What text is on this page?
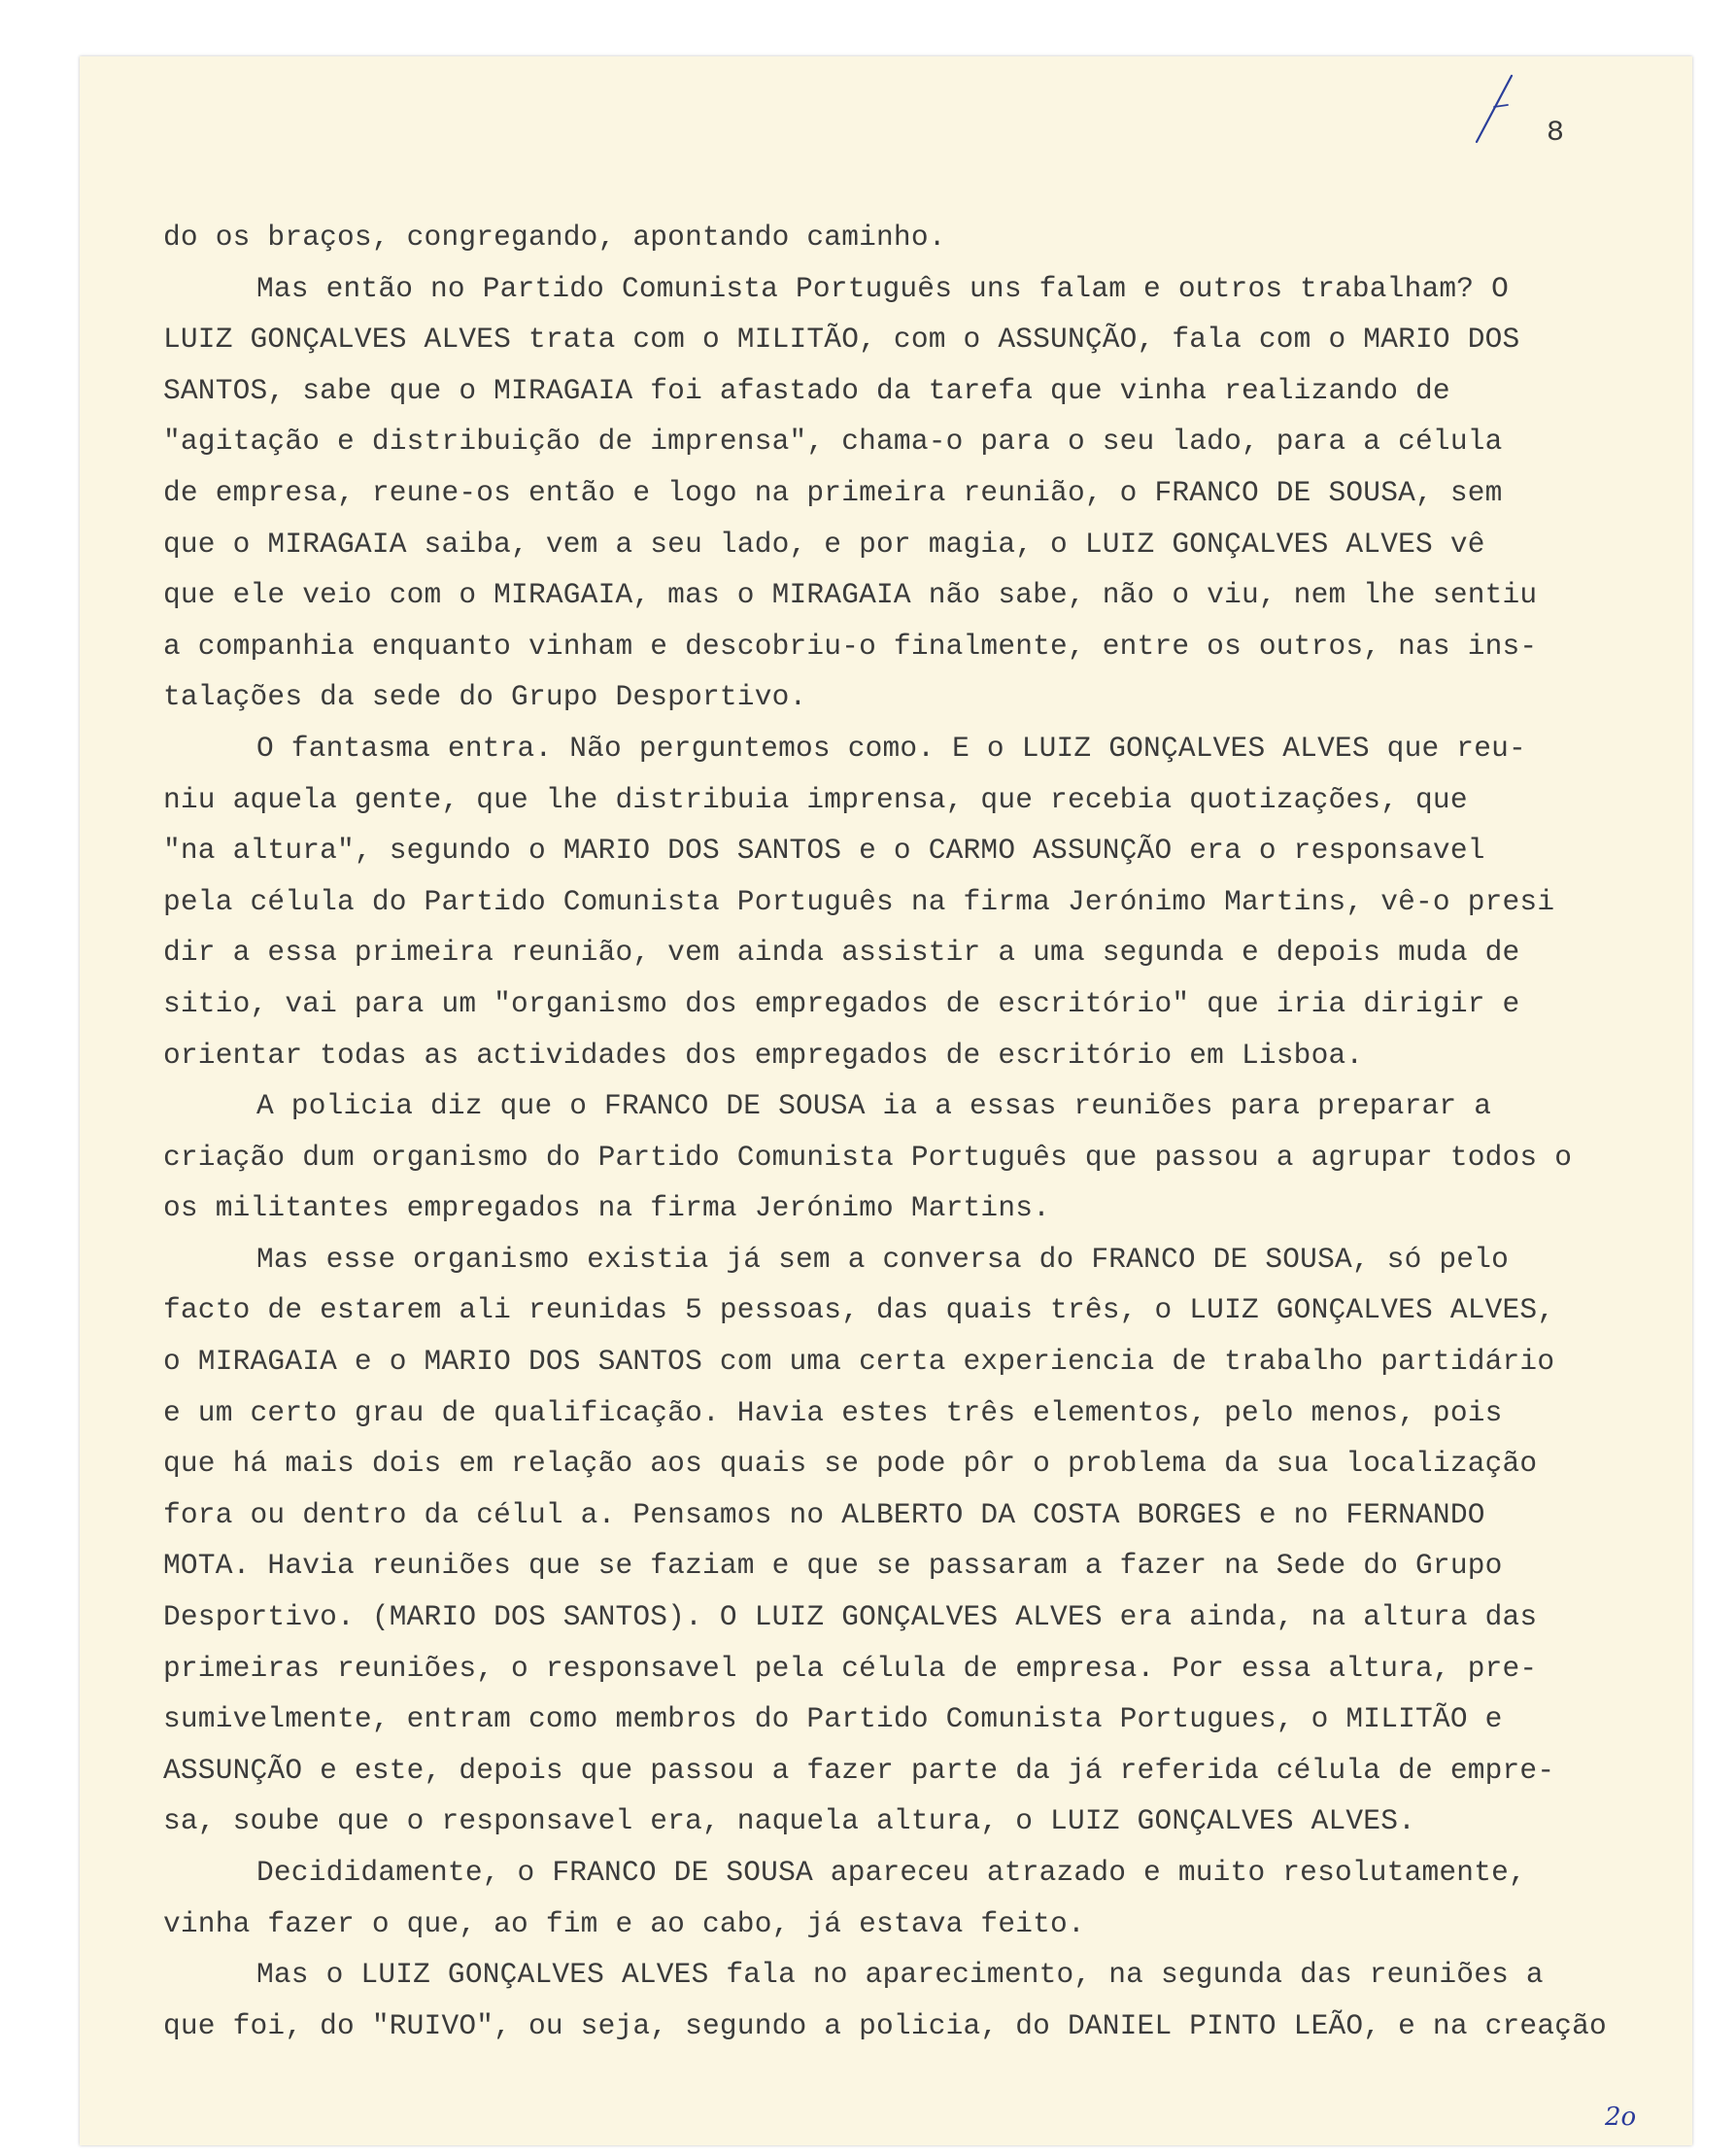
8
do os braços, congregando, apontando caminho.
Mas então no Partido Comunista Português uns falam e outros trabalham? O
LUIZ GONÇALVES ALVES trata com o MILITÃO, com o ASSUNÇÃO, fala com o MARIO DOS
SANTOS, sabe que o MIRAGAIA foi afastado da tarefa que vinha realizando de
"agitação e distribuição de imprensa", chama-o para o seu lado, para a célula
de empresa, reune-os então e logo na primeira reunião, o FRANCO DE SOUSA, sem
que o MIRAGAIA saiba, vem a seu lado, e por magia, o LUIZ GONÇALVES ALVES vê
que ele veio com o MIRAGAIA, mas o MIRAGAIA não sabe, não o viu, nem lhe sentiu
a companhia enquanto vinham e descobriu-o finalmente, entre os outros, nas ins-
talações da sede do Grupo Desportivo.
O fantasma entra. Não perguntemos como. E o LUIZ GONÇALVES ALVES que reu-
niu aquela gente, que lhe distribuia imprensa, que recebia quotizações, que
"na altura", segundo o MARIO DOS SANTOS e o CARMO ASSUNÇÃO era o responsavel
pela célula do Partido Comunista Português na firma Jerónimo Martins, vê-o presi
dir a essa primeira reunião, vem ainda assistir a uma segunda e depois muda de
sitio, vai para um "organismo dos empregados de escritório" que iria dirigir e
orientar todas as actividades dos empregados de escritório em Lisboa.
A policia diz que o FRANCO DE SOUSA ia a essas reuniões para preparar a
criação dum organismo do Partido Comunista Português que passou a agrupar todos o
os militantes empregados na firma Jerónimo Martins.
Mas esse organismo existia já sem a conversa do FRANCO DE SOUSA, só pelo
facto de estarem ali reunidas 5 pessoas, das quais três, o LUIZ GONÇALVES ALVES,
o MIRAGAIA e o MARIO DOS SANTOS com uma certa experiencia de trabalho partidário
e um certo grau de qualificação. Havia estes três elementos, pelo menos, pois
que há mais dois em relação aos quais se pode pôr o problema da sua localização
fora ou dentro da célul a. Pensamos no ALBERTO DA COSTA BORGES e no FERNANDO
MOTA. Havia reuniões que se faziam e que se passaram a fazer na Sede do Grupo
Desportivo. (MARIO DOS SANTOS). O LUIZ GONÇALVES ALVES era ainda, na altura das
primeiras reuniões, o responsavel pela célula de empresa. Por essa altura, pre-
sumivelmente, entram como membros do Partido Comunista Portugues, o MILITÃO e
ASSUNÇÃO e este, depois que passou a fazer parte da já referida célula de empre-
sa, soube que o responsavel era, naquela altura, o LUIZ GONÇALVES ALVES.
Decididamente, o FRANCO DE SOUSA apareceu atrazado e muito resolutamente,
vinha fazer o que, ao fim e ao cabo, já estava feito.
Mas o LUIZ GONÇALVES ALVES fala no aparecimento, na segunda das reuniões a
que foi, do "RUIVO", ou seja, segundo a policia, do DANIEL PINTO LEÃO, e na creação
2o
